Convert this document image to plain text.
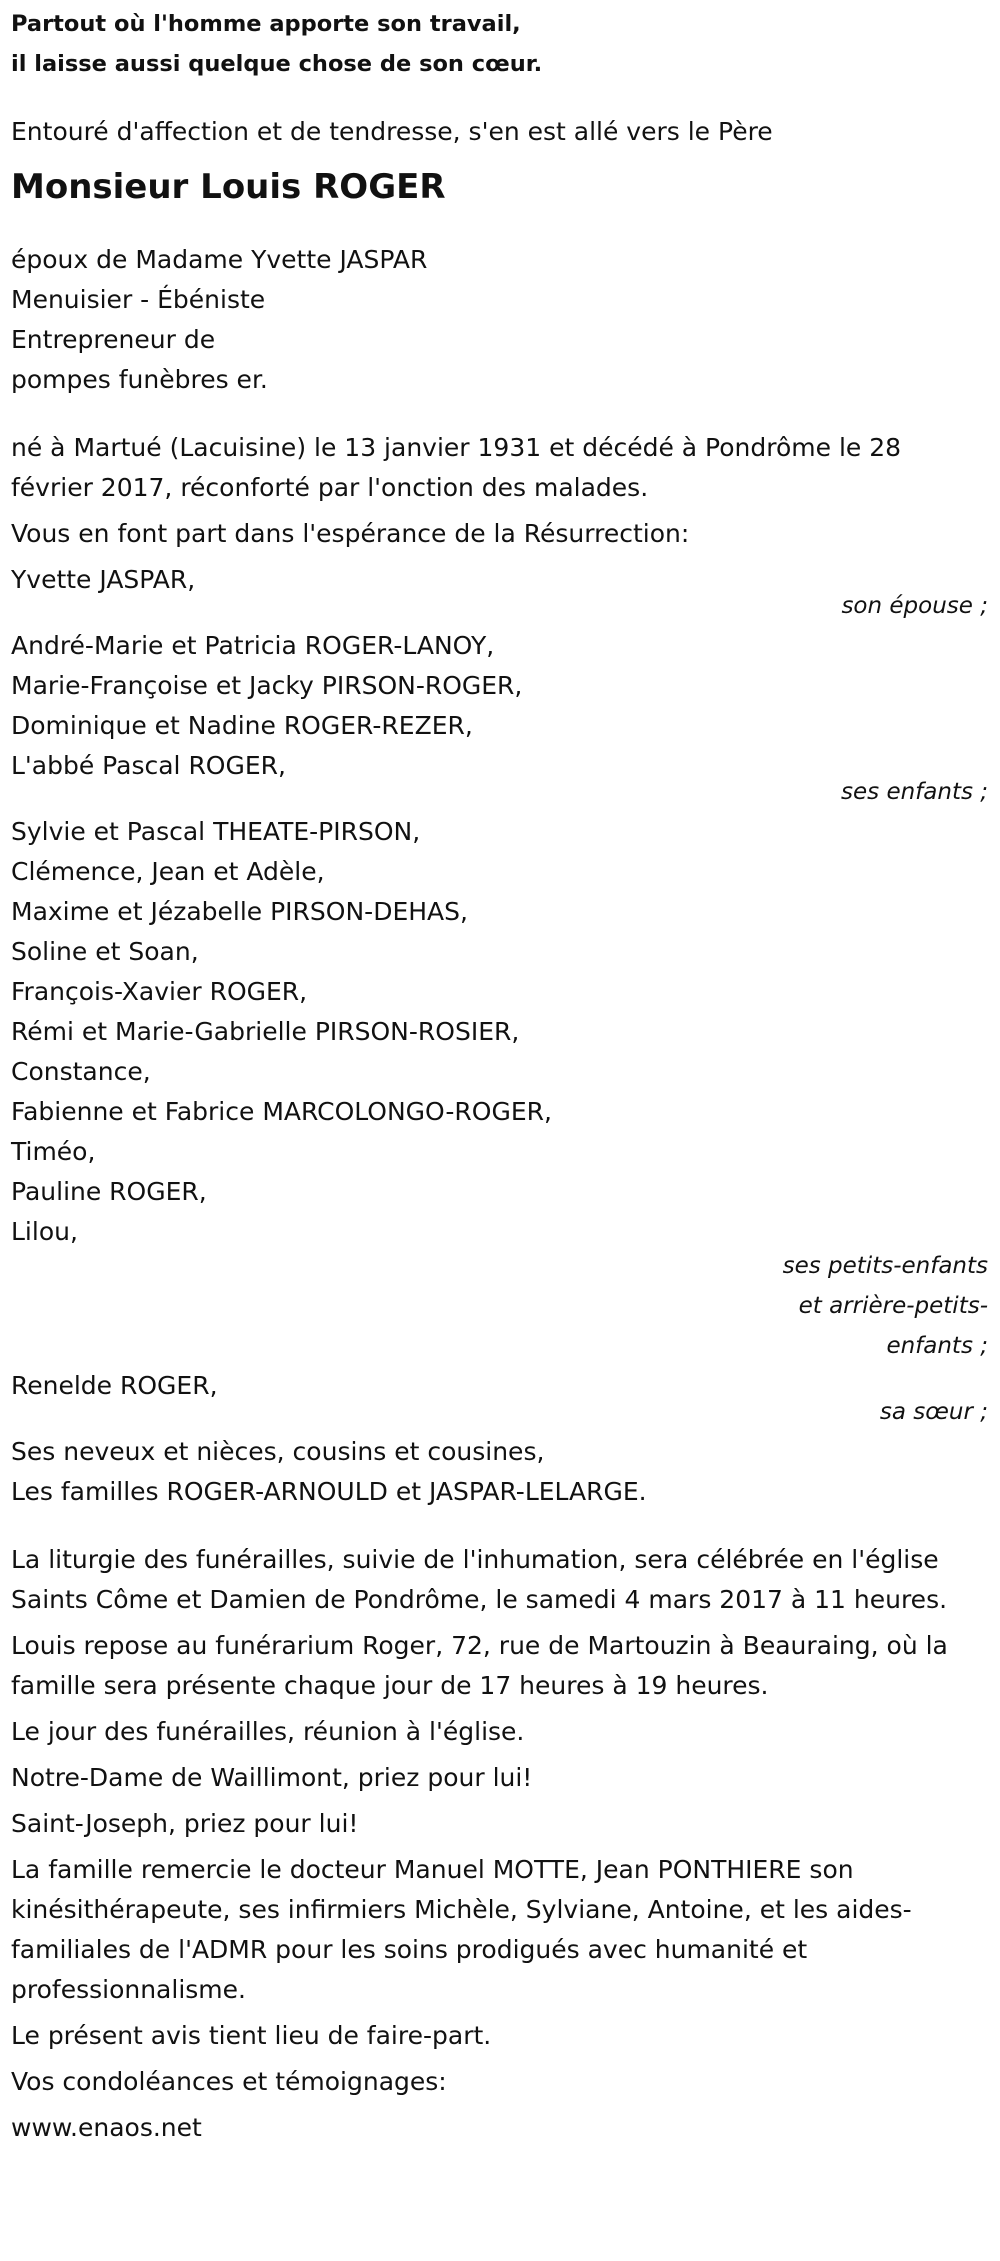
Partout où l'homme apporte son travail,
il laisse aussi quelque chose de son cœur.
Entouré d'affection et de tendresse, s'en est allé vers le Père
Monsieur Louis ROGER
époux de Madame Yvette JASPAR
Menuisier - Ébéniste
Entrepreneur de
pompes funèbres er.
né à Martué (Lacuisine) le 13 janvier 1931 et décédé à Pondrôme le 28 février 2017, réconforté par l'onction des malades.
Vous en font part dans l'espérance de la Résurrection:
Yvette JASPAR,
son épouse ;
André-Marie et Patricia ROGER-LANOY,
Marie-Françoise et Jacky PIRSON-ROGER,
Dominique et Nadine ROGER-REZER,
L'abbé Pascal ROGER,
ses enfants ;
Sylvie et Pascal THEATE-PIRSON,
Clémence, Jean et Adèle,
Maxime et Jézabelle PIRSON-DEHAS,
Soline et Soan,
François-Xavier ROGER,
Rémi et Marie-Gabrielle PIRSON-ROSIER,
Constance,
Fabienne et Fabrice MARCOLONGO-ROGER,
Timéo,
Pauline ROGER,
Lilou,
ses petits-enfants
et arrière-petits-
enfants ;
Renelde ROGER,
sa sœur ;
Ses neveux et nièces, cousins et cousines,
Les familles ROGER-ARNOULD et JASPAR-LELARGE.
La liturgie des funérailles, suivie de l'inhumation, sera célébrée en l'église Saints Côme et Damien de Pondrôme, le samedi 4 mars 2017 à 11 heures.
Louis repose au funérarium Roger, 72, rue de Martouzin à Beauraing, où la famille sera présente chaque jour de 17 heures à 19 heures.
Le jour des funérailles, réunion à l'église.
Notre-Dame de Waillimont, priez pour lui!
Saint-Joseph, priez pour lui!
La famille remercie le docteur Manuel MOTTE, Jean PONTHIERE son kinésithérapeute, ses infirmiers Michèle, Sylviane, Antoine, et les aides-familiales de l'ADMR pour les soins prodigués avec humanité et professionnalisme.
Le présent avis tient lieu de faire-part.
Vos condoléances et témoignages:
www.enaos.net
